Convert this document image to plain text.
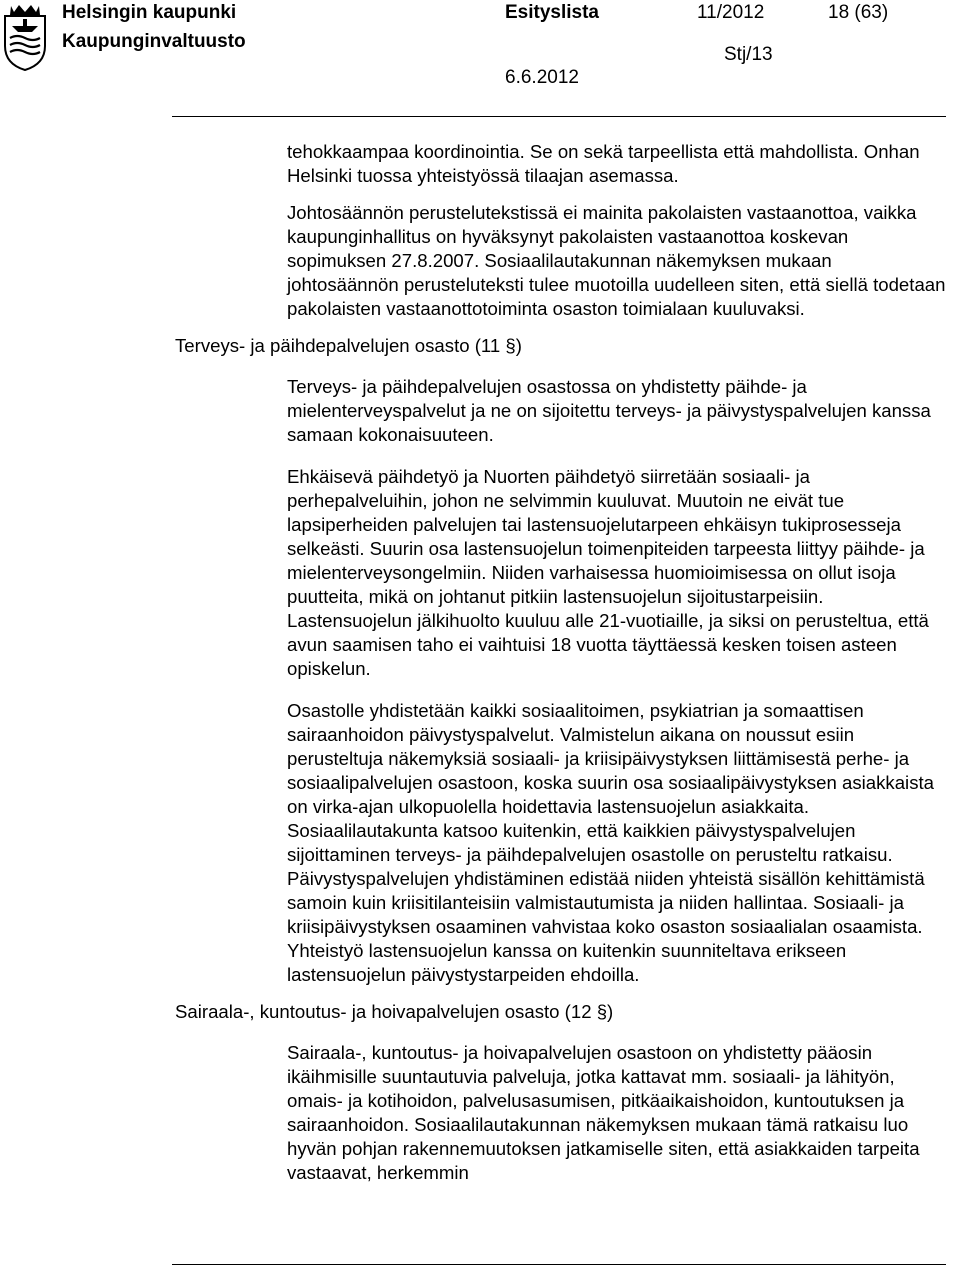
Helsingin kaupunki
Kaupunginvaltuusto
Esityslista	11/2012	18 (63)
Stj/13
6.6.2012

tehokkaampaa koordinointia. Se on sekä tarpeellista että mahdollista. Onhan Helsinki tuossa yhteistyössä tilaajan asemassa.

Johtosäännön perustelutekstissä ei mainita pakolaisten vastaanottoa, vaikka kaupunginhallitus on hyväksynyt pakolaisten vastaanottoa koskevan sopimuksen 27.8.2007. Sosiaalilautakunnan näkemyksen mukaan johtosäännön perusteluteksti tulee muotoilla uudelleen siten, että siellä todetaan pakolaisten vastaanottotoiminta osaston toimialaan kuuluvaksi.

Terveys- ja päihdepalvelujen osasto (11 §)

Terveys- ja päihdepalvelujen osastossa on yhdistetty päihde- ja mielenterveyspalvelut ja ne on sijoitettu terveys- ja päivystyspalvelujen kanssa samaan kokonaisuuteen.

Ehkäisevä päihdetyö ja Nuorten päihdetyö siirretään sosiaali- ja perhepalveluihin, johon ne selvimmin kuuluvat. Muutoin ne eivät tue lapsiperheiden palvelujen tai lastensuojelutarpeen ehkäisyn tukiprosesseja selkeästi. Suurin osa lastensuojelun toimenpiteiden tarpeesta liittyy päihde- ja mielenterveysongelmiin. Niiden varhaisessa huomioimisessa on ollut isoja puutteita, mikä on johtanut pitkiin lastensuojelun sijoitustarpeisiin. Lastensuojelun jälkihuolto kuuluu alle 21-vuotiaille, ja siksi on perusteltua, että avun saamisen taho ei vaihtuisi 18 vuotta täyttäessä kesken toisen asteen opiskelun.

Osastolle yhdistetään kaikki sosiaalitoimen, psykiatrian ja somaattisen sairaanhoidon päivystyspalvelut. Valmistelun aikana on noussut esiin perusteltuja näkemyksiä sosiaali- ja kriisipäivystyksen liittämisestä perhe- ja sosiaalipalvelujen osastoon, koska suurin osa sosiaalipäivystyksen asiakkaista on virka-ajan ulkopuolella hoidettavia lastensuojelun asiakkaita. Sosiaalilautakunta katsoo kuitenkin, että kaikkien päivystyspalvelujen sijoittaminen terveys- ja päihdepalvelujen osastolle on perusteltu ratkaisu. Päivystyspalvelujen yhdistäminen edistää niiden yhteistä sisällön kehittämistä samoin kuin kriisitilanteisiin valmistautumista ja niiden hallintaa. Sosiaali- ja kriisipäivystyksen osaaminen vahvistaa koko osaston sosiaalialan osaamista. Yhteistyö lastensuojelun kanssa on kuitenkin suunniteltava erikseen lastensuojelun päivystystarpeiden ehdoilla.

Sairaala-, kuntoutus- ja hoivapalvelujen osasto (12 §)

Sairaala-, kuntoutus- ja hoivapalvelujen osastoon on yhdistetty pääosin ikäihmisille suuntautuvia palveluja, jotka kattavat mm. sosiaali- ja lähityön, omais- ja kotihoidon, palvelusasumisen, pitkäaikaishoidon, kuntoutuksen ja sairaanhoidon. Sosiaalilautakunnan näkemyksen mukaan tämä ratkaisu luo hyvän pohjan rakennemuutoksen jatkamiselle siten, että asiakkaiden tarpeita vastaavat, herkemmin
